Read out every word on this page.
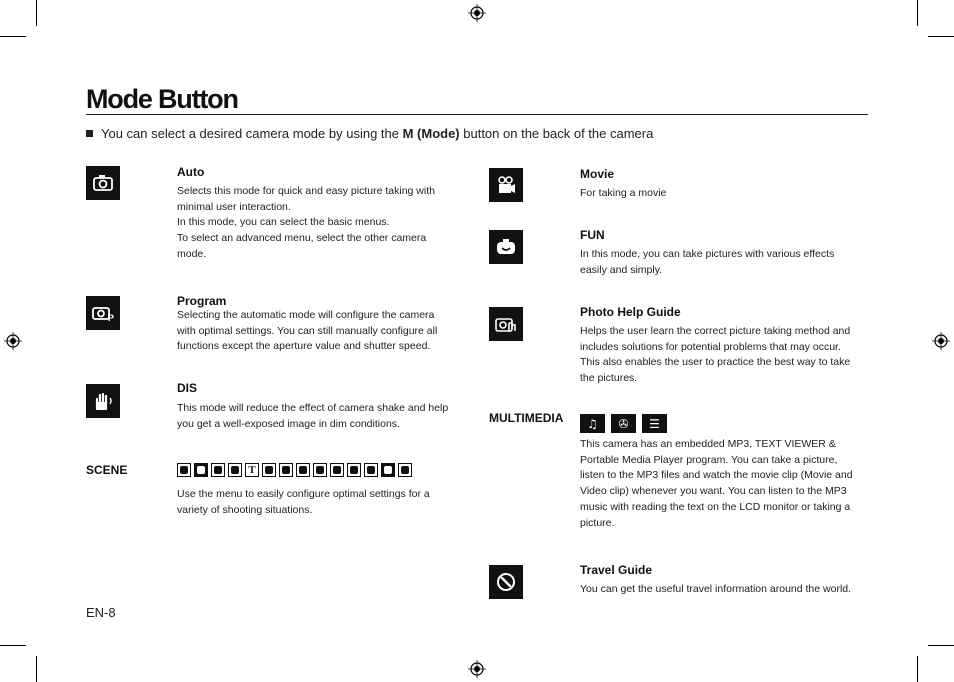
Mode Button
You can select a desired camera mode by using the M (Mode) button on the back of the camera
Auto
Selects this mode for quick and easy picture taking with
minimal user interaction.
In this mode, you can select the basic menus.
To select an advanced menu, select the other camera
mode.
P
Program
Selecting the automatic mode will configure the camera
with optimal settings. You can still manually configure all
functions except the aperture value and shutter speed.
DIS
This mode will reduce the effect of camera shake and help
you get a well-exposed image in dim conditions.
SCENE	T
Use the menu to easily configure optimal settings for a
variety of shooting situations.
Movie
For taking a movie
FUN
In this mode, you can take pictures with various effects
easily and simply.
Photo Help Guide
Helps the user learn the correct picture taking method and
includes solutions for potential problems that may occur.
This also enables the user to practice the best way to take
the pictures.
MULTIMEDIA ♫ ✇ ☰
This camera has an embedded MP3, TEXT VIEWER &
Portable Media Player program. You can take a picture,
listen to the MP3 files and watch the movie clip (Movie and
Video clip) whenever you want. You can listen to the MP3
music with reading the text on the LCD monitor or taking a
picture.
Travel Guide
You can get the useful travel information around the world.
EN-8
